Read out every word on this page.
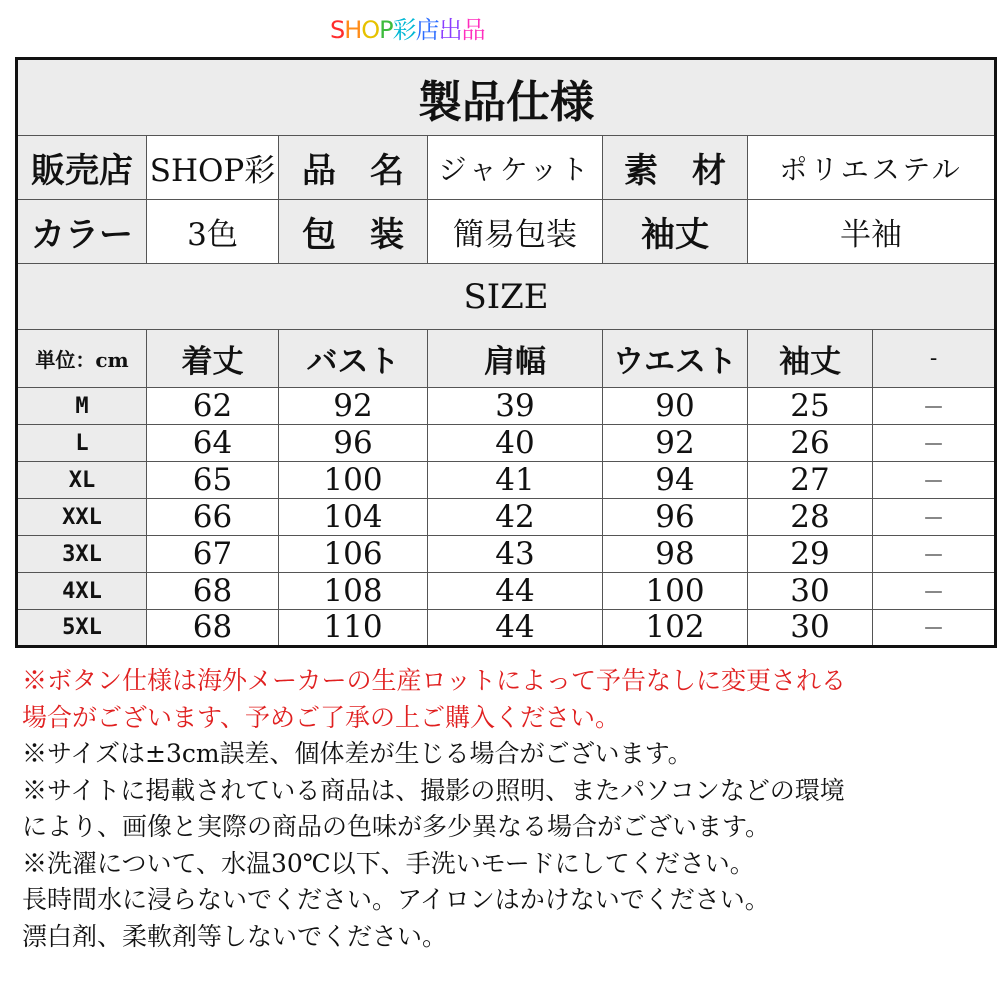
SHOP彩店出品
製品仕様						
販売店	SHOP彩	品　名	ジャケット	素　材	ポリエステル	
カラー	3色	包　装	簡易包装	袖丈	半袖	
SIZE						
単位：cm	着丈	バスト	肩幅	ウエスト	袖丈	-
M	62	92	39	90	25	－
L	64	96	40	92	26	－
XL	65	100	41	94	27	－
XXL	66	104	42	96	28	－
3XL	67	106	43	98	29	－
4XL	68	108	44	100	30	－
5XL	68	110	44	102	30	－
※ボタン仕様は海外メーカーの生産ロットによって予告なしに変更される
場合がございます、予めご了承の上ご購入ください。
※サイズは±3cm誤差、個体差が生じる場合がございます。
※サイトに掲載されている商品は、撮影の照明、またパソコンなどの環境
により、画像と実際の商品の色味が多少異なる場合がございます。
※洗濯について、水温30℃以下、手洗いモードにしてください。
長時間水に浸らないでください。アイロンはかけないでください。
漂白剤、柔軟剤等しないでください。
